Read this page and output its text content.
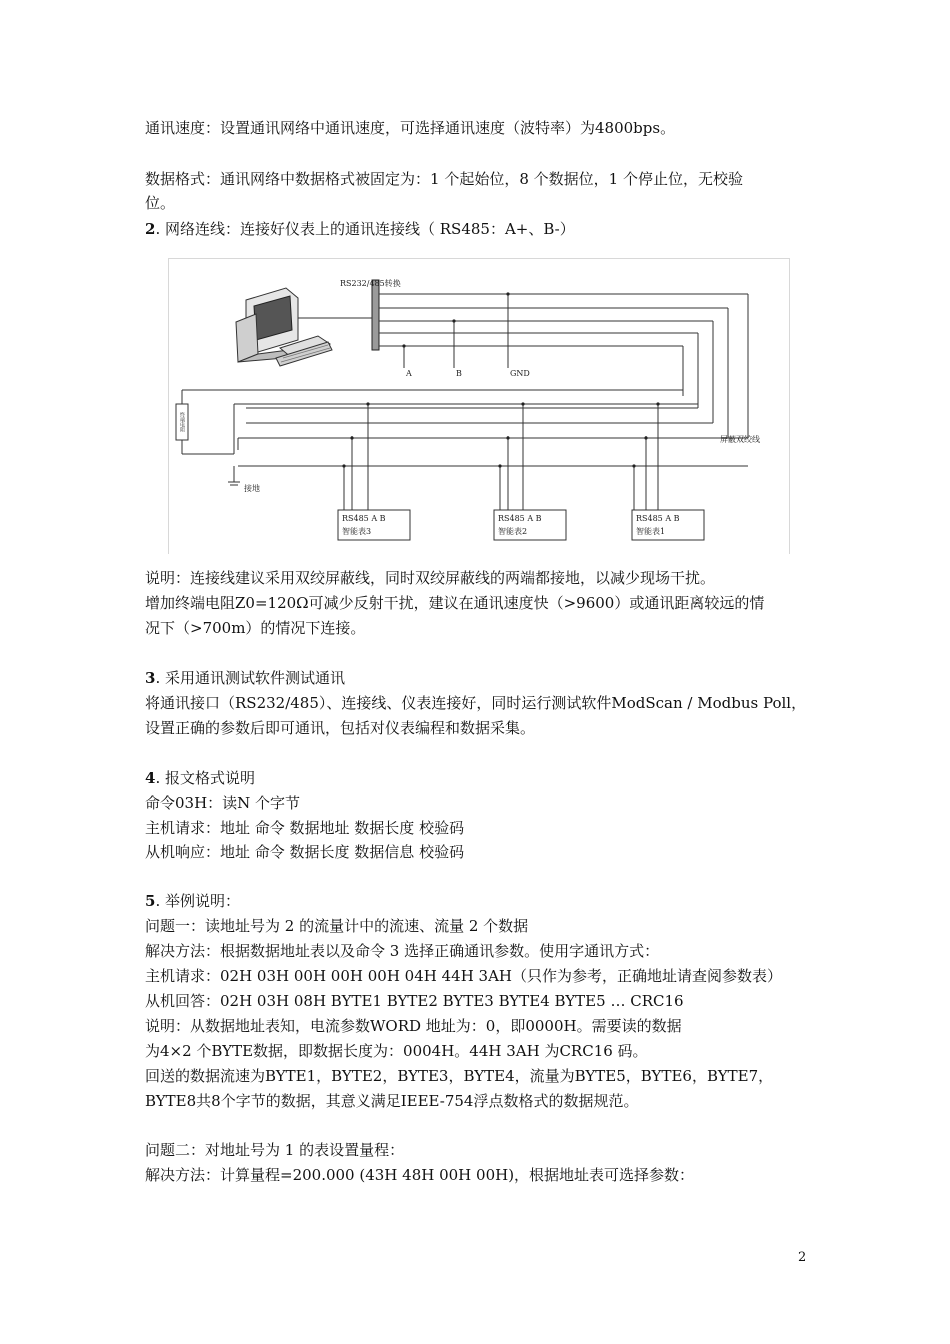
通讯速度：设置通讯网络中通讯速度，可选择通讯速度（波特率）为4800bps。
数据格式：通讯网络中数据格式被固定为：1 个起始位，8 个数据位，1 个停止位，无校验
位。
2. 网络连线：连接好仪表上的通讯连接线（ RS485：A+、B-）
RS232/485转换
A	B	GND
终端电阻
接地
屏蔽双绞线
RS485 A B
智能表3
RS485 A B
智能表2
RS485 A B
智能表1
说明：连接线建议采用双绞屏蔽线，同时双绞屏蔽线的两端都接地，以减少现场干扰。
增加终端电阻Z0=120Ω可减少反射干扰，建议在通讯速度快（>9600）或通讯距离较远的情
况下（>700m）的情况下连接。
3. 采用通讯测试软件测试通讯
将通讯接口（RS232/485）、连接线、仪表连接好，同时运行测试软件ModScan / Modbus Poll，
设置正确的参数后即可通讯，包括对仪表编程和数据采集。
4. 报文格式说明
命令03H：读N 个字节
主机请求：地址 命令 数据地址 数据长度 校验码
从机响应：地址 命令 数据长度 数据信息 校验码
5. 举例说明：
问题一：读地址号为 2 的流量计中的流速、流量 2 个数据
解决方法：根据数据地址表以及命令 3 选择正确通讯参数。使用字通讯方式：
主机请求：02H 03H 00H 00H 00H 04H 44H 3AH（只作为参考，正确地址请查阅参数表）
从机回答：02H 03H 08H BYTE1 BYTE2 BYTE3 BYTE4 BYTE5 … CRC16
说明：从数据地址表知，电流参数WORD 地址为：0，即0000H。需要读的数据
为4×2 个BYTE数据，即数据长度为：0004H。44H 3AH 为CRC16 码。
回送的数据流速为BYTE1，BYTE2，BYTE3，BYTE4，流量为BYTE5，BYTE6，BYTE7，
BYTE8共8个字节的数据，其意义满足IEEE-754浮点数格式的数据规范。
问题二：对地址号为 1 的表设置量程：
解决方法：计算量程=200.000 (43H 48H 00H 00H)，根据地址表可选择参数：
2
